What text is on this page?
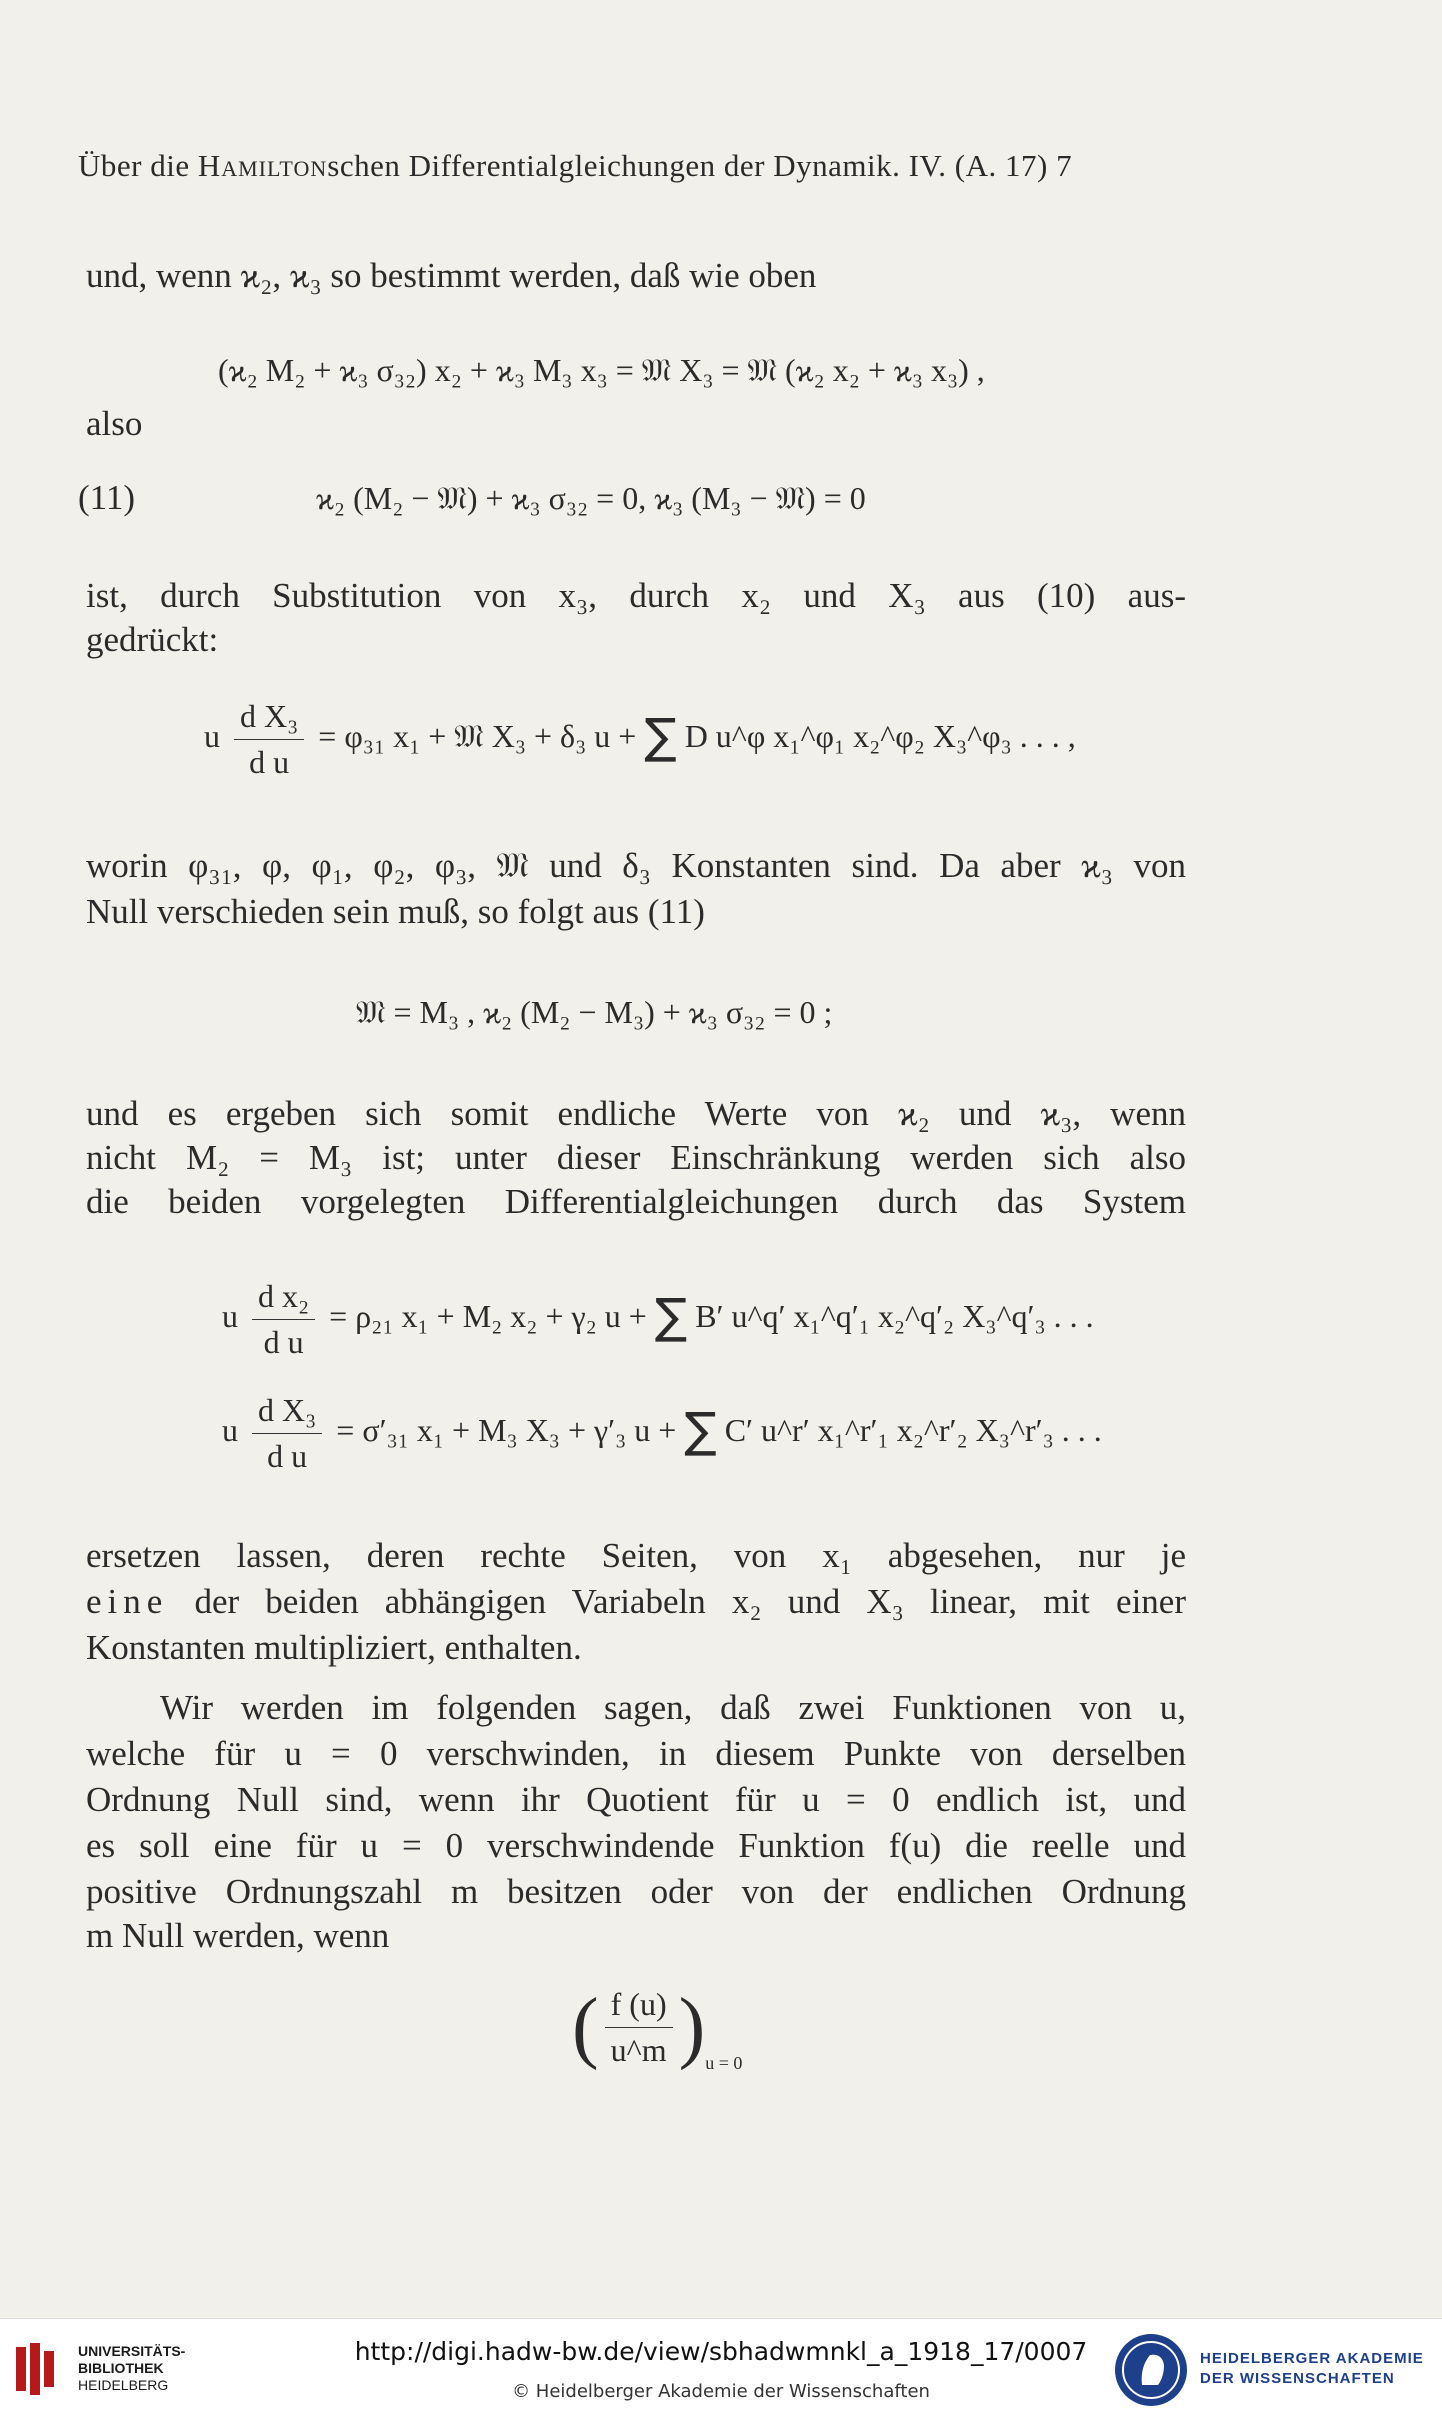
Über die Hamiltonschen Differentialgleichungen der Dynamik. IV. (A. 17) 7
und, wenn ϰ₂, ϰ₃ so bestimmt werden, daß wie oben
(ϰ₂ M₂ + ϰ₃ σ₃₂) x₂ + ϰ₃ M₃ x₃ = 𝔐 X₃ = 𝔐 (ϰ₂ x₂ + ϰ₃ x₃) ,
also
(11)	ϰ₂ (M₂ − 𝔐) + ϰ₃ σ₃₂ = 0, ϰ₃ (M₃ − 𝔐) = 0
ist, durch Substitution von x₃, durch x₂ und X₃ aus (10) aus-
gedrückt:
u $\frac{\text{d X₃}}{\text{d u}} = \varphi_{31}$ x₁ + 𝔐 X₃ + δ₃ u + ∑ D u^φ x₁^φ₁ x₂^φ₂ X₃^φ₃ . . . ,
worin φ₃₁, φ, φ₁, φ₂, φ₃, 𝔐 und δ₃ Konstanten sind. Da aber ϰ₃ von
Null verschieden sein muß, so folgt aus (11)
𝔐 = M₃ , ϰ₂ (M₂ − M₃) + ϰ₃ σ₃₂ = 0 ;
und es ergeben sich somit endliche Werte von ϰ₂ und ϰ₃, wenn
nicht M₂ = M₃ ist; unter dieser Einschränkung werden sich also
die beiden vorgelegten Differentialgleichungen durch das System
u $\frac{\text{d x₂}}{\text{d u}} = \rho_{21}$ x₁ + M₂ x₂ + γ₂ u + ∑ B′ u^q′ x₁^q′₁ x₂^q′₂ X₃^q′₃ . . .
u $\frac{\text{d X₃}}{\text{d u}} = \sigma'_{31}$ x₁ + M₃ X₃ + γ′₃ u + ∑ C′ u^r′ x₁^r′₁ x₂^r′₂ X₃^r′₃ . . .
ersetzen lassen, deren rechte Seiten, von x₁ abgesehen, nur je
eine der beiden abhängigen Variabeln x₂ und X₃ linear, mit einer
Konstanten multipliziert, enthalten.
Wir werden im folgenden sagen, daß zwei Funktionen von u,
welche für u = 0 verschwinden, in diesem Punkte von derselben
Ordnung Null sind, wenn ihr Quotient für u = 0 endlich ist, und
es soll eine für u = 0 verschwindende Funktion f(u) die reelle und
positive Ordnungszahl m besitzen oder von der endlichen Ordnung
m Null werden, wenn
( $\frac{f (u)}{u\^{}m} )_{u = 0}$
UNIVERSITÄTS-
BIBLIOTHEK
HEIDELBERG
http://digi.hadw-bw.de/view/sbhadwmnkl_a_1918_17/0007
© Heidelberger Akademie der Wissenschaften
HEIDELBERGER AKADEMIE
DER WISSENSCHAFTEN
